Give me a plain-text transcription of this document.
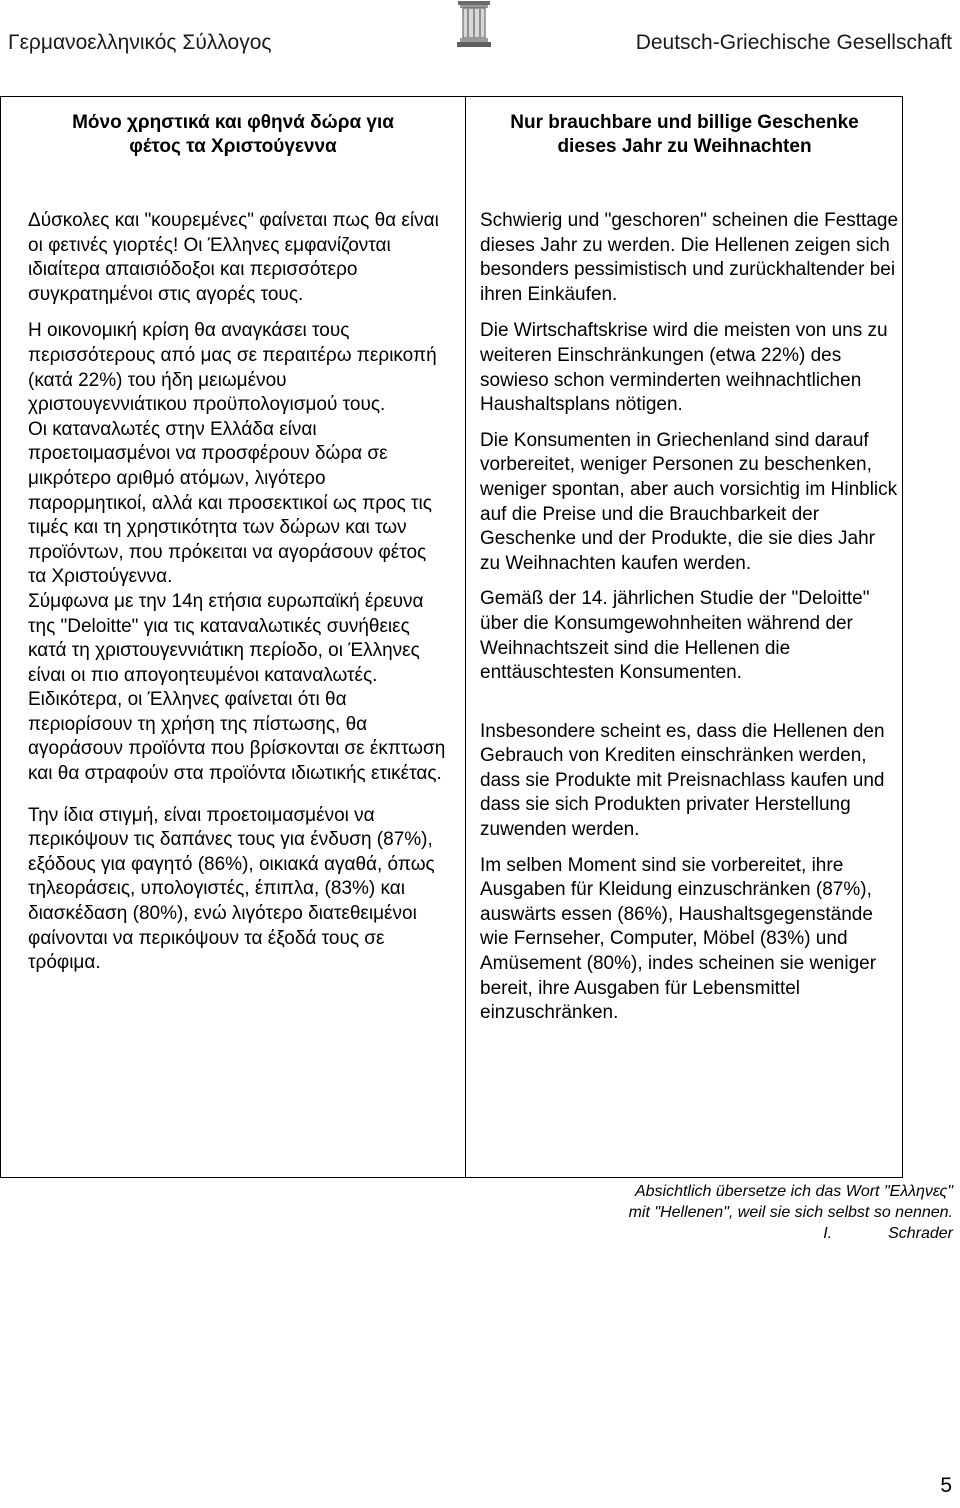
Γερμανοελληνικός Σύλλογος	Deutsch-Griechische Gesellschaft
Μόνο χρηστικά και φθηνά δώρα για
φέτος τα Χριστούγεννα
Nur brauchbare und billige Geschenke
dieses Jahr zu Weihnachten

Δύσκολες και "κουρεμένες" φαίνεται πως θα είναι οι φετινές γιορτές! Οι Έλληνες εμφανίζονται ιδιαίτερα απαισιόδοξοι και περισσότερο συγκρατημένοι στις αγορές τους.

Η οικονομική κρίση θα αναγκάσει τους περισσότερους από μας σε περαιτέρω περικοπή (κατά 22%) του ήδη μειωμένου χριστουγεννιάτικου προϋπολογισμού τους.

Οι καταναλωτές στην Ελλάδα είναι προετοιμασμένοι να προσφέρουν δώρα σε μικρότερο αριθμό ατόμων, λιγότερο παρορμητικοί, αλλά και προσεκτικοί ως προς τις τιμές και τη χρηστικότητα των δώρων και των προϊόντων, που πρόκειται να αγοράσουν φέτος τα Χριστούγεννα.

Σύμφωνα με την 14η ετήσια ευρωπαϊκή έρευνα της "Deloitte" για τις καταναλωτικές συνήθειες κατά τη χριστουγεννιάτικη περίοδο, οι Έλληνες είναι οι πιο απογοητευμένοι καταναλωτές.

Ειδικότερα, οι Έλληνες φαίνεται ότι θα περιορίσουν τη χρήση της πίστωσης, θα αγοράσουν προϊόντα που βρίσκονται σε έκπτωση και θα στραφούν στα προϊόντα ιδιωτικής ετικέτας.

Την ίδια στιγμή, είναι προετοιμασμένοι να περικόψουν τις δαπάνες τους για ένδυση (87%), εξόδους για φαγητό (86%), οικιακά αγαθά, όπως τηλεοράσεις, υπολογιστές, έπιπλα, (83%) και διασκέδαση (80%), ενώ λιγότερο διατεθειμένοι φαίνονται να περικόψουν τα έξοδά τους σε τρόφιμα.

Schwierig und "geschoren" scheinen die Festtage dieses Jahr zu werden. Die Hellenen zeigen sich besonders pessimistisch und zurückhaltender bei ihren Einkäufen.

Die Wirtschaftskrise wird die meisten von uns zu weiteren Einschränkungen (etwa 22%) des sowieso schon verminderten weihnachtlichen Haushaltsplans nötigen.

Die Konsumenten in Griechenland sind darauf vorbereitet, weniger Personen zu beschenken, weniger spontan, aber auch vorsichtig im Hinblick auf die Preise und die Brauchbarkeit der Geschenke und der Produkte, die sie dies Jahr zu Weihnachten kaufen werden.

Gemäß der 14. jährlichen Studie der "Deloitte" über die Konsumgewohnheiten während der Weihnachtszeit sind die Hellenen die enttäuschtesten Konsumenten.

Insbesondere scheint es, dass die Hellenen den Gebrauch von Krediten einschränken werden, dass sie Produkte mit Preisnachlass kaufen und dass sie sich Produkten privater Herstellung zuwenden werden.

Im selben Moment sind sie vorbereitet, ihre Ausgaben für Kleidung einzuschränken (87%), auswärts essen (86%), Haushaltsgegenstände wie Fernseher, Computer, Möbel (83%) und Amüsement (80%), indes scheinen sie weniger bereit, ihre Ausgaben für Lebensmittel einzuschränken.

Absichtlich übersetze ich das Wort "Ελληνες"
mit "Hellenen", weil sie sich selbst so nennen.
I.	Schrader
5
